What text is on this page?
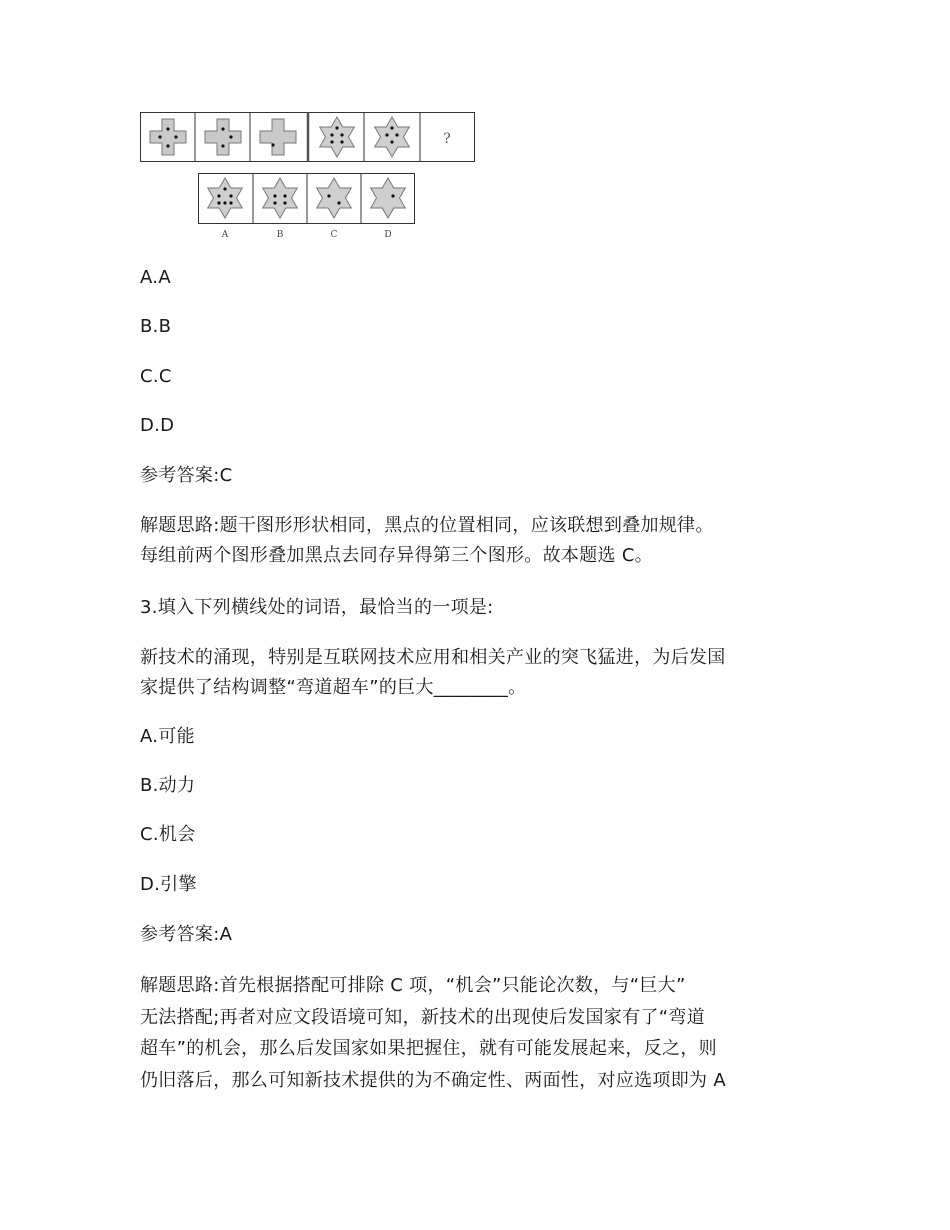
?
A	B	C	D
A.A
B.B
C.C
D.D
参考答案:C
解题思路:题干图形形状相同，黑点的位置相同，应该联想到叠加规律。
每组前两个图形叠加黑点去同存异得第三个图形。故本题选 C。
3.填入下列横线处的词语，最恰当的一项是:
新技术的涌现，特别是互联网技术应用和相关产业的突飞猛进，为后发国
家提供了结构调整“弯道超车”的巨大________。
A.可能
B.动力
C.机会
D.引擎
参考答案:A
解题思路:首先根据搭配可排除 C 项，“机会”只能论次数，与“巨大”
无法搭配;再者对应文段语境可知，新技术的出现使后发国家有了“弯道
超车”的机会，那么后发国家如果把握住，就有可能发展起来，反之，则
仍旧落后，那么可知新技术提供的为不确定性、两面性，对应选项即为 A
